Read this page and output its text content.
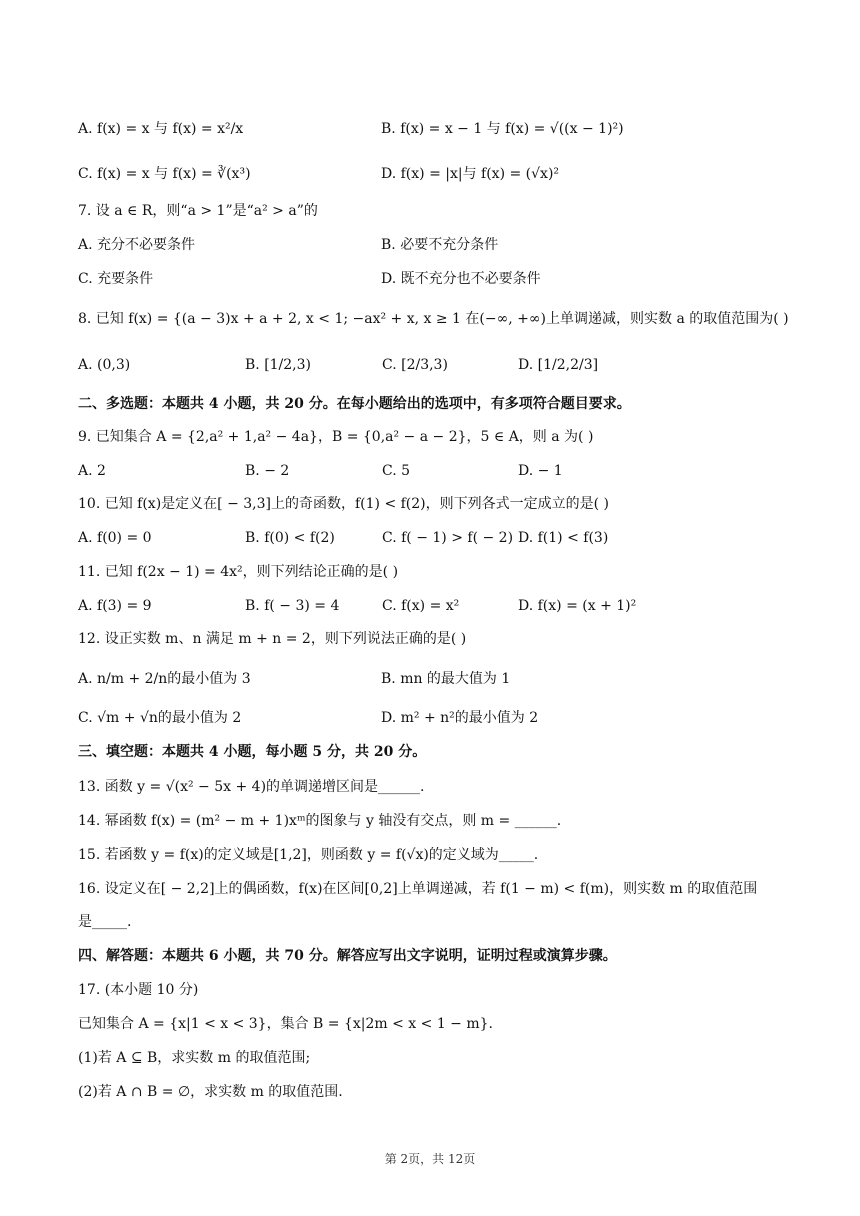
A. f(x) = x 与 f(x) = x²/x	B. f(x) = x − 1 与 f(x) = √((x − 1)²)
C. f(x) = x 与 f(x) = ∛(x³)	D. f(x) = |x|与 f(x) = (√x)²
7. 设 a ∈ R，则“a > 1”是“a² > a”的
A. 充分不必要条件	B. 必要不充分条件
C. 充要条件	D. 既不充分也不必要条件
8. 已知 f(x) = {(a − 3)x + a + 2, x < 1; −ax² + x, x ≥ 1 在(−∞, +∞)上单调递减，则实数 a 的取值范围为( )
A. (0,3)	B. [1/2,3)	C. [2/3,3)	D. [1/2,2/3]
二、多选题：本题共 4 小题，共 20 分。在每小题给出的选项中，有多项符合题目要求。
9. 已知集合 A = {2,a² + 1,a² − 4a}，B = {0,a² − a − 2}，5 ∈ A，则 a 为( )
A. 2	B. − 2	C. 5	D. − 1
10. 已知 f(x)是定义在[ − 3,3]上的奇函数，f(1) < f(2)，则下列各式一定成立的是( )
A. f(0) = 0	B. f(0) < f(2)	C. f( − 1) > f( − 2) D. f(1) < f(3)
11. 已知 f(2x − 1) = 4x²，则下列结论正确的是( )
A. f(3) = 9	B. f( − 3) = 4	C. f(x) = x²	D. f(x) = (x + 1)²
12. 设正实数 m、n 满足 m + n = 2，则下列说法正确的是( )
A. n/m + 2/n的最小值为 3	B. mn 的最大值为 1
C. √m + √n的最小值为 2	D. m² + n²的最小值为 2
三、填空题：本题共 4 小题，每小题 5 分，共 20 分。
13. 函数 y = √(x² − 5x + 4)的单调递增区间是______.
14. 幂函数 f(x) = (m² − m + 1)xᵐ的图象与 y 轴没有交点，则 m = ______.
15. 若函数 y = f(x)的定义域是[1,2]，则函数 y = f(√x)的定义域为_____.
16. 设定义在[ − 2,2]上的偶函数，f(x)在区间[0,2]上单调递减，若 f(1 − m) < f(m)，则实数 m 的取值范围
是_____.
四、解答题：本题共 6 小题，共 70 分。解答应写出文字说明，证明过程或演算步骤。
17. (本小题 10 分)
已知集合 A = {x|1 < x < 3}，集合 B = {x|2m < x < 1 − m}.
(1)若 A ⊆ B，求实数 m 的取值范围;
(2)若 A ∩ B = ∅，求实数 m 的取值范围.
第 2页，共 12页
